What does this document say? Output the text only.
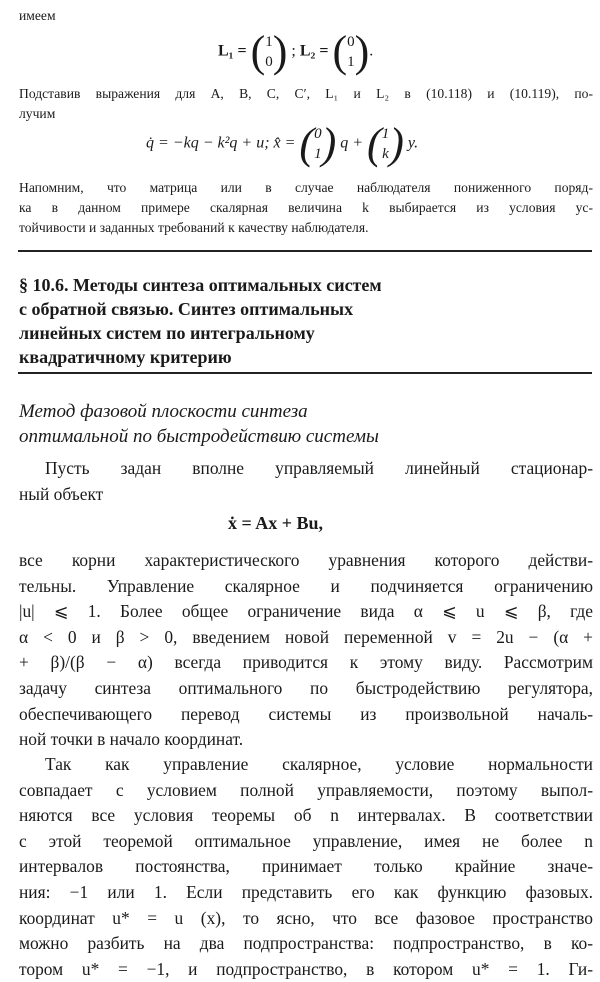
имеем
L₁ = (1
0) ; L₂ = (0
1).
Подставив выражения для A, B, C, C′, L₁ и L₂ в (10.118) и (10.119), по-
лучим
q̇ = −kq − k²q + u; x̂ = (0
1) q + (1
k) y.
Напомним, что матрица или в случае наблюдателя пониженного поряд-
ка в данном примере скалярная величина k выбирается из условия ус-
тойчивости и заданных требований к качеству наблюдателя.
§ 10.6. Методы синтеза оптимальных систем
с обратной связью. Синтез оптимальных
линейных систем по интегральному
квадратичному критерию
Метод фазовой плоскости синтеза
оптимальной по быстродействию системы
Пусть задан вполне управляемый линейный стационар-
ный объект
ẋ = Ax + Bu,
все корни характеристического уравнения которого действи-
тельны. Управление скалярное и подчиняется ограничению
|u| ⩽ 1. Более общее ограничение вида α ⩽ u ⩽ β, где
α < 0 и β > 0, введением новой переменной v = 2u − (α +
+ β)/(β − α) всегда приводится к этому виду. Рассмотрим
задачу синтеза оптимального по быстродействию регулятора,
обеспечивающего перевод системы из произвольной началь-
ной точки в начало координат.
Так как управление скалярное, условие нормальности
совпадает с условием полной управляемости, поэтому выпол-
няются все условия теоремы об n интервалах. В соответствии
с этой теоремой оптимальное управление, имея не более n
интервалов постоянства, принимает только крайние значе-
ния: −1 или 1. Если представить его как функцию фазовых.
координат u* = u (x), то ясно, что все фазовое пространство
можно разбить на два подпространства: подпространство, в ко-
тором u* = −1, и подпространство, в котором u* = 1. Ги-
